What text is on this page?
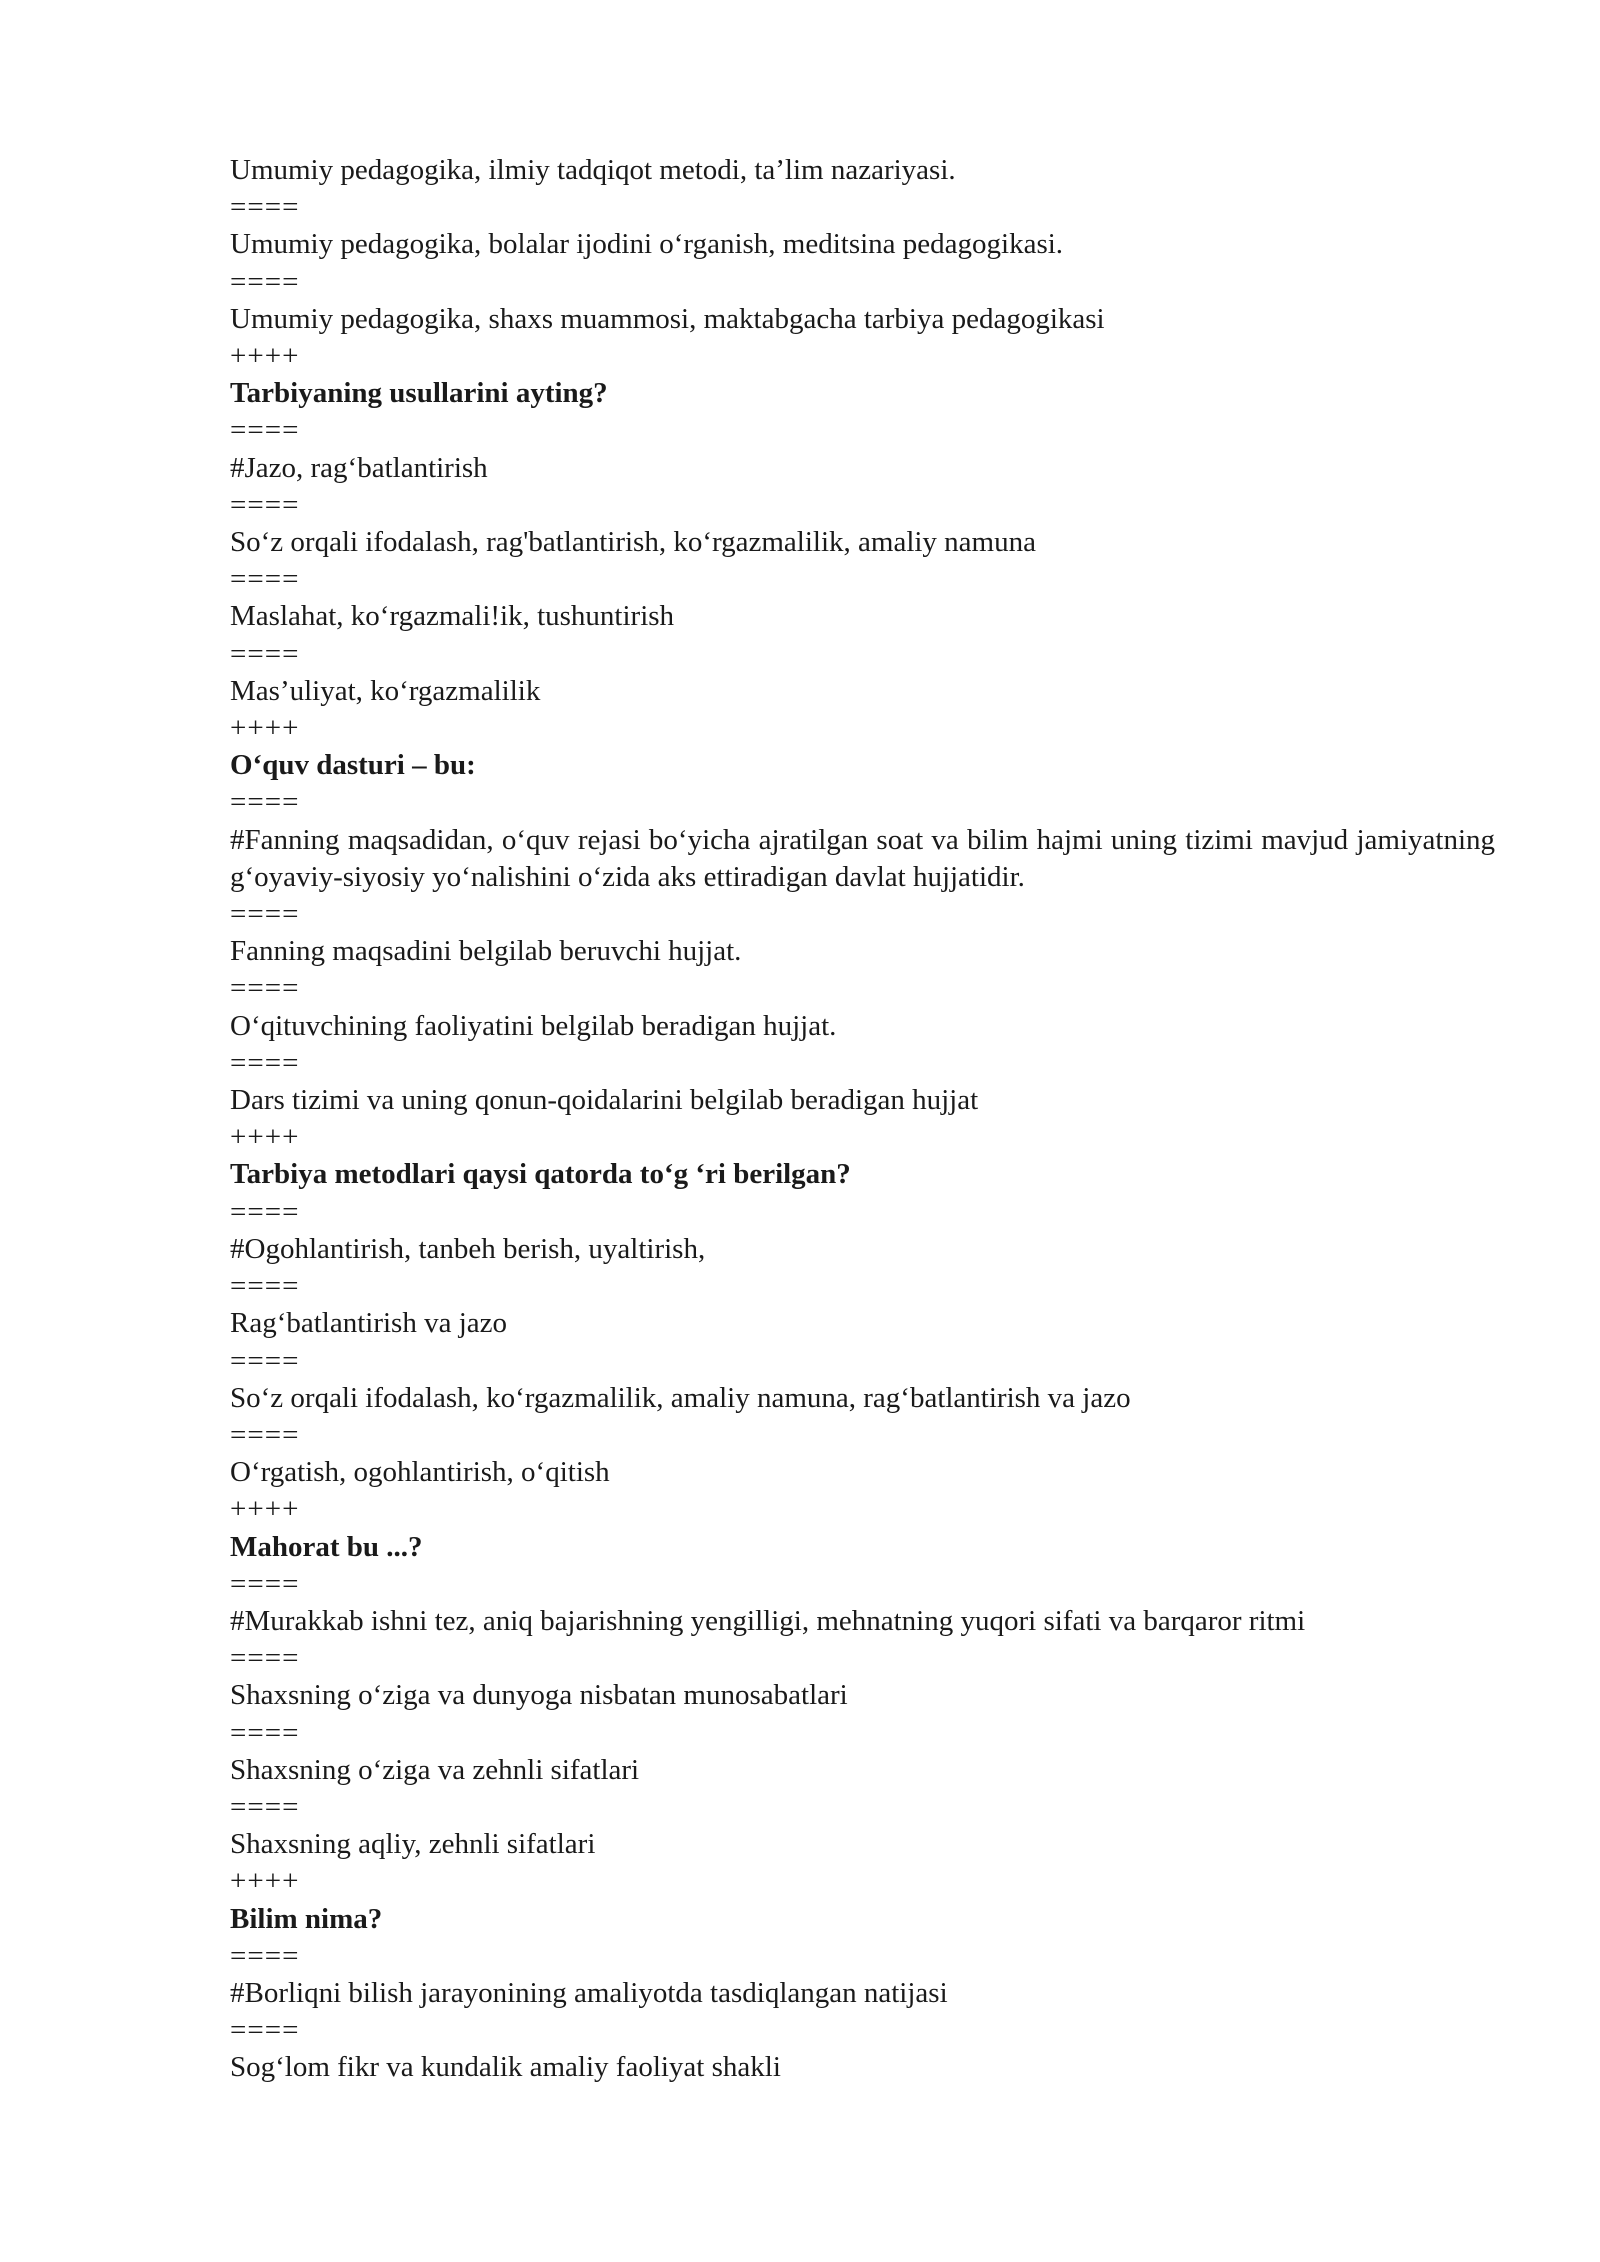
Umumiy pedagogika, ilmiy tadqiqot metodi, ta’lim nazariyasi.

====

Umumiy pedagogika, bolalar ijodini o‘rganish, meditsina pedagogikasi.

====

Umumiy pedagogika, shaxs muammosi, maktabgacha tarbiya pedagogikasi

++++

Tarbiyaning usullarini ayting?

====

#Jazo, rag‘batlantirish

====

So‘z orqali ifodalash, rag'batlantirish, ko‘rgazmalilik, amaliy namuna

====

Maslahat, ko‘rgazmali!ik, tushuntirish

====

Mas’uliyat, ko‘rgazmalilik

++++

O‘quv dasturi – bu:

====

#Fanning maqsadidan, o‘quv rejasi bo‘yicha ajratilgan soat va bilim hajmi uning tizimi mavjud jamiyatning g‘oyaviy-siyosiy yo‘nalishini o‘zida aks ettiradigan davlat hujjatidir.

====

Fanning maqsadini belgilab beruvchi hujjat.

====

O‘qituvchining faoliyatini belgilab beradigan hujjat.

====

Dars tizimi va uning qonun-qoidalarini belgilab beradigan hujjat

++++

Tarbiya metodlari qaysi qatorda to‘g ‘ri berilgan?

====

#Ogohlantirish, tanbeh berish, uyaltirish,

====

Rag‘batlantirish va jazo

====

So‘z orqali ifodalash, ko‘rgazmalilik, amaliy namuna, rag‘batlantirish va jazo

====

O‘rgatish, ogohlantirish, o‘qitish

++++

Mahorat bu ...?

====

#Murakkab ishni tez, aniq bajarishning yengilligi, mehnatning yuqori sifati va barqaror ritmi

====

Shaxsning o‘ziga va dunyoga nisbatan munosabatlari

====

Shaxsning o‘ziga va zehnli sifatlari

====

Shaxsning aqliy, zehnli sifatlari

++++

Bilim nima?

====

#Borliqni bilish jarayonining amaliyotda tasdiqlangan natijasi

====

Sog‘lom fikr va kundalik amaliy faoliyat shakli
